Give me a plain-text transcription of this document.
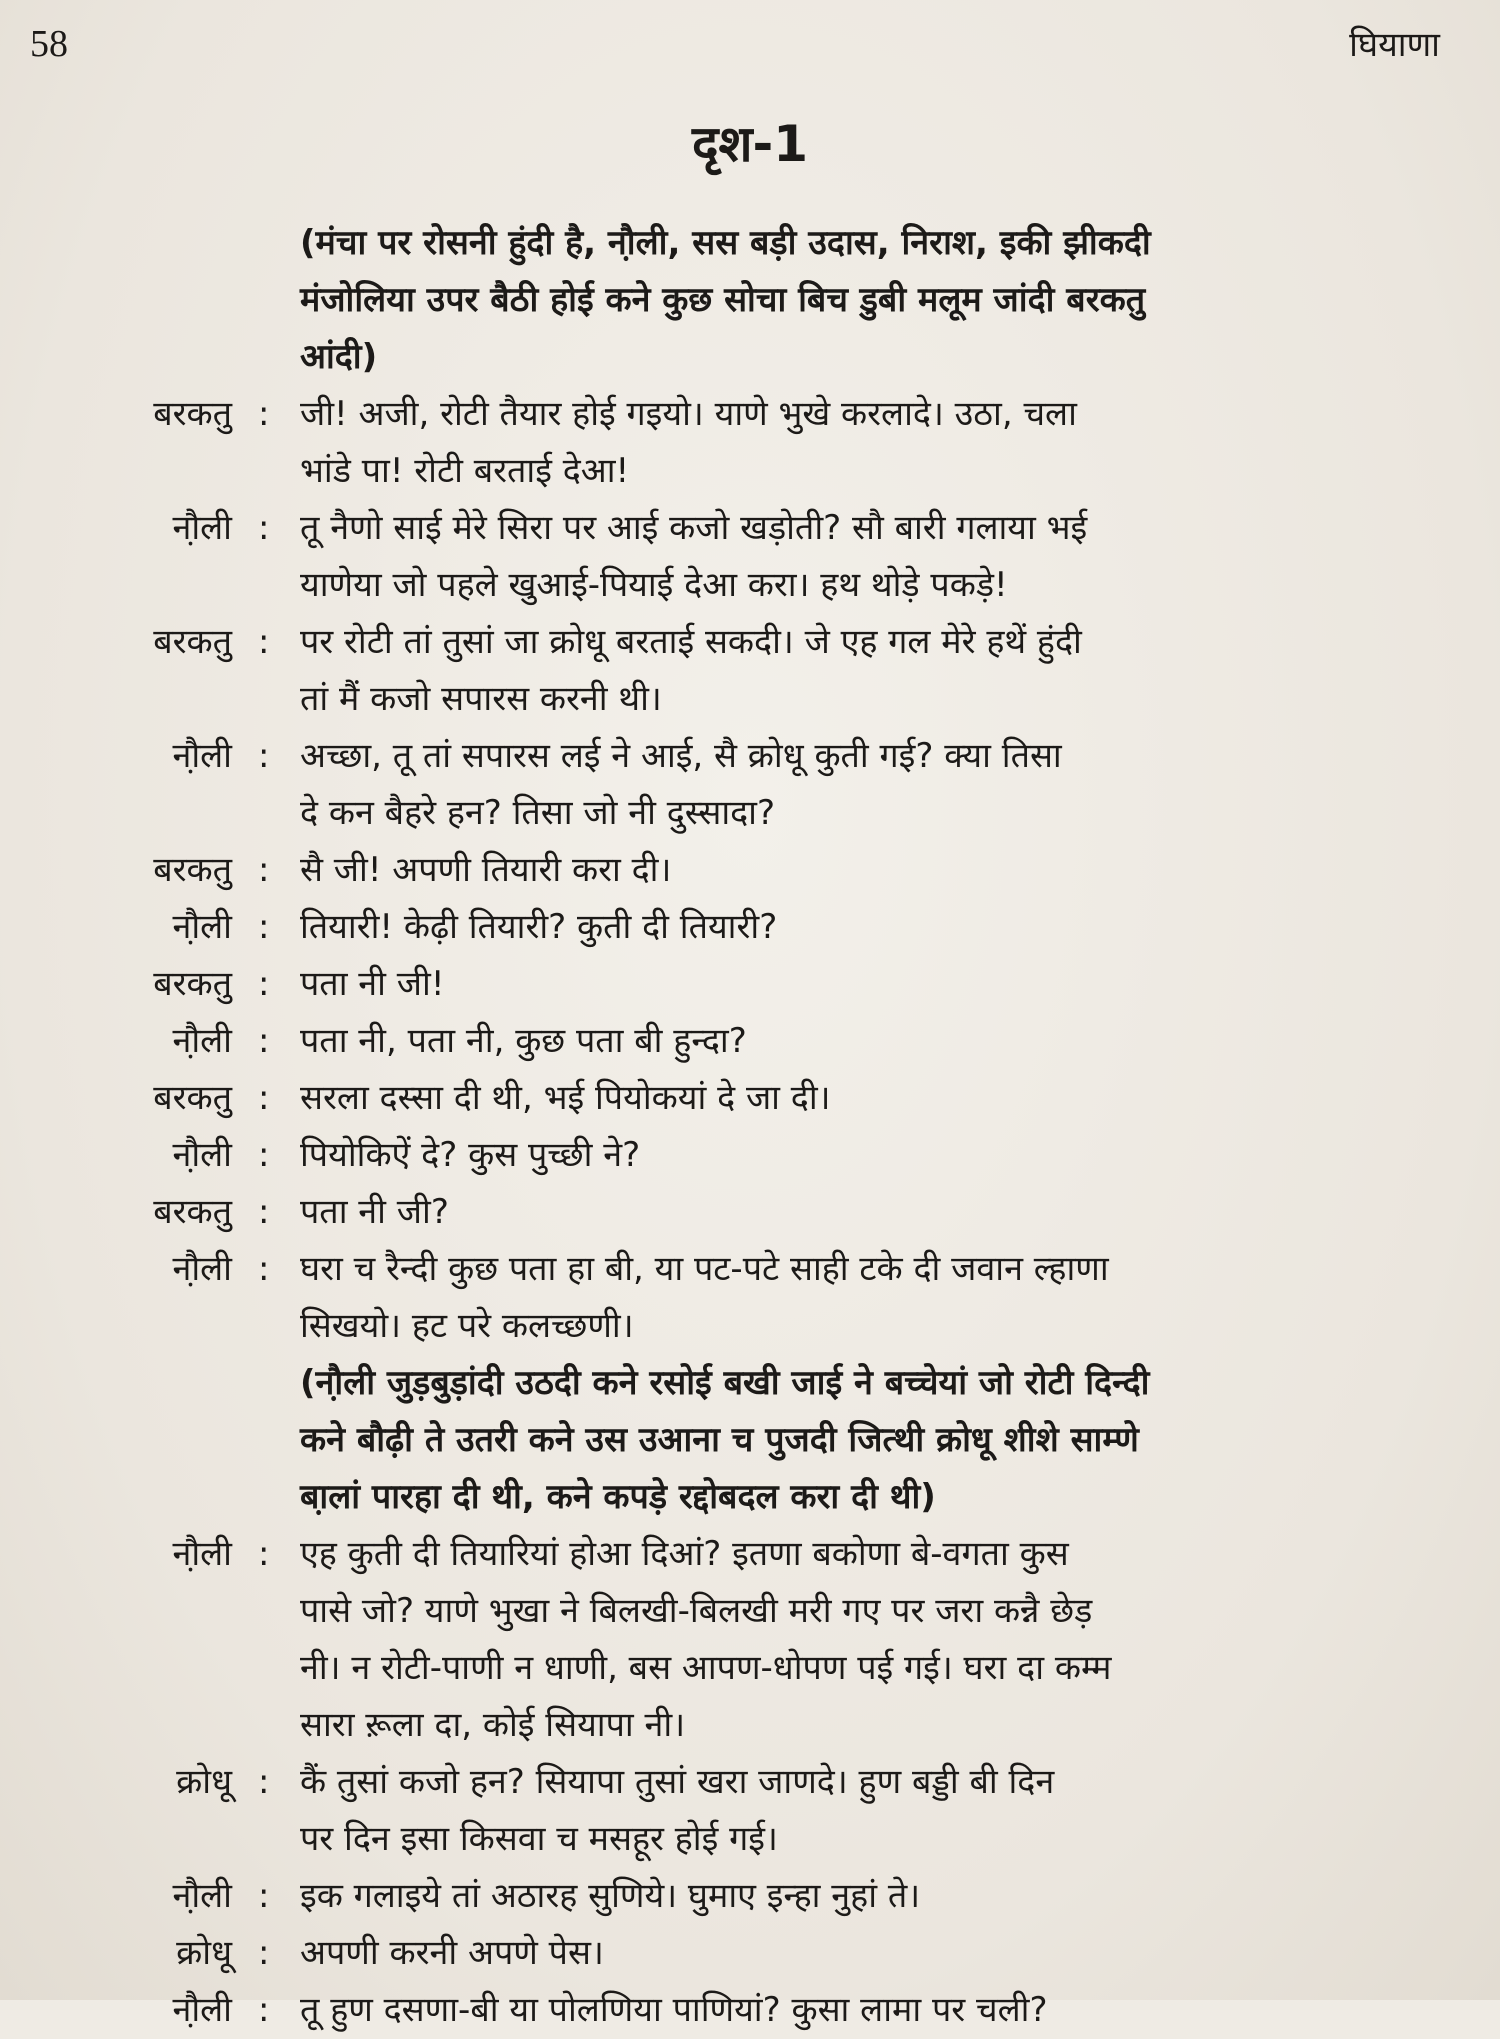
58	घियाणा
दृश-1
(मंचा पर रोसनी हुंदी है, नौ़ली, सस बड़ी उदास, निराश, इकी झीकदी
मंजोलिया उपर बैठी होई कने कुछ सोचा बिच डुबी मलूम जांदी बरकतु
आंदी)
बरकतु : जी! अजी, रोटी तैयार होई गइयो। याणे भुखे करलादे। उठा, चला
भांडे पा! रोटी बरताई देआ!
नौ़ली : तू नैणो साई मेरे सिरा पर आई कजो खड़ोती? सौ बारी गलाया भई
याणेया जो पहले खुआई-पियाई देआ करा। हथ थोड़े पकड़े!
बरकतु : पर रोटी तां तुसां जा क्रोधू बरताई सकदी। जे एह गल मेरे हथें हुंदी
तां मैं कजो सपारस करनी थी।
नौ़ली : अच्छा, तू तां सपारस लई ने आई, सै क्रोधू कुती गई? क्या तिसा
दे कन बैहरे हन? तिसा जो नी दुस्सादा?
बरकतु : सै जी! अपणी तियारी करा दी।
नौ़ली : तियारी! केढ़ी तियारी? कुती दी तियारी?
बरकतु : पता नी जी!
नौ़ली : पता नी, पता नी, कुछ पता बी हुन्दा?
बरकतु : सरला दस्सा दी थी, भई पियोकयां दे जा दी।
नौ़ली : पियोकिऐं दे? कुस पुच्छी ने?
बरकतु : पता नी जी?
नौ़ली : घरा च रैन्दी कुछ पता हा बी, या पट-पटे साही टके दी जवान ल्हाणा
सिखयो। हट परे कलच्छणी।
(नौ़ली जुड़बुड़ांदी उठदी कने रसोई बखी जाई ने बच्चेयां जो रोटी दिन्दी
कने बौढ़ी ते उतरी कने उस उआना च पुजदी जित्थी क्रोधू शीशे साम्णे
बा़लां पारहा दी थी, कने कपड़े रद्दोबदल करा दी थी)
नौ़ली : एह कुती दी तियारियां होआ दिआं? इतणा बकोणा बे-वगता कुस
पासे जो? याणे भुखा ने बिलखी-बिलखी मरी गए पर जरा कन्नै छेड़
नी। न रोटी-पाणी न धाणी, बस आपण-धोपण पई गई। घरा दा कम्म
सारा रू़ला दा, कोई सियापा नी।
क्रोधू : कैं तुसां कजो हन? सियापा तुसां खरा जाणदे। हुण बड्डी बी दिन
पर दिन इसा किसवा च मसहूर होई गई।
नौ़ली : इक गलाइये तां अठारह सुणिये। घुमाए इन्हा नुहां ते।
क्रोधू : अपणी करनी अपणे पेस।
नौ़ली : तू हुण दसणा-बी या पोलणिया पाणियां? कुसा लामा पर चली?
